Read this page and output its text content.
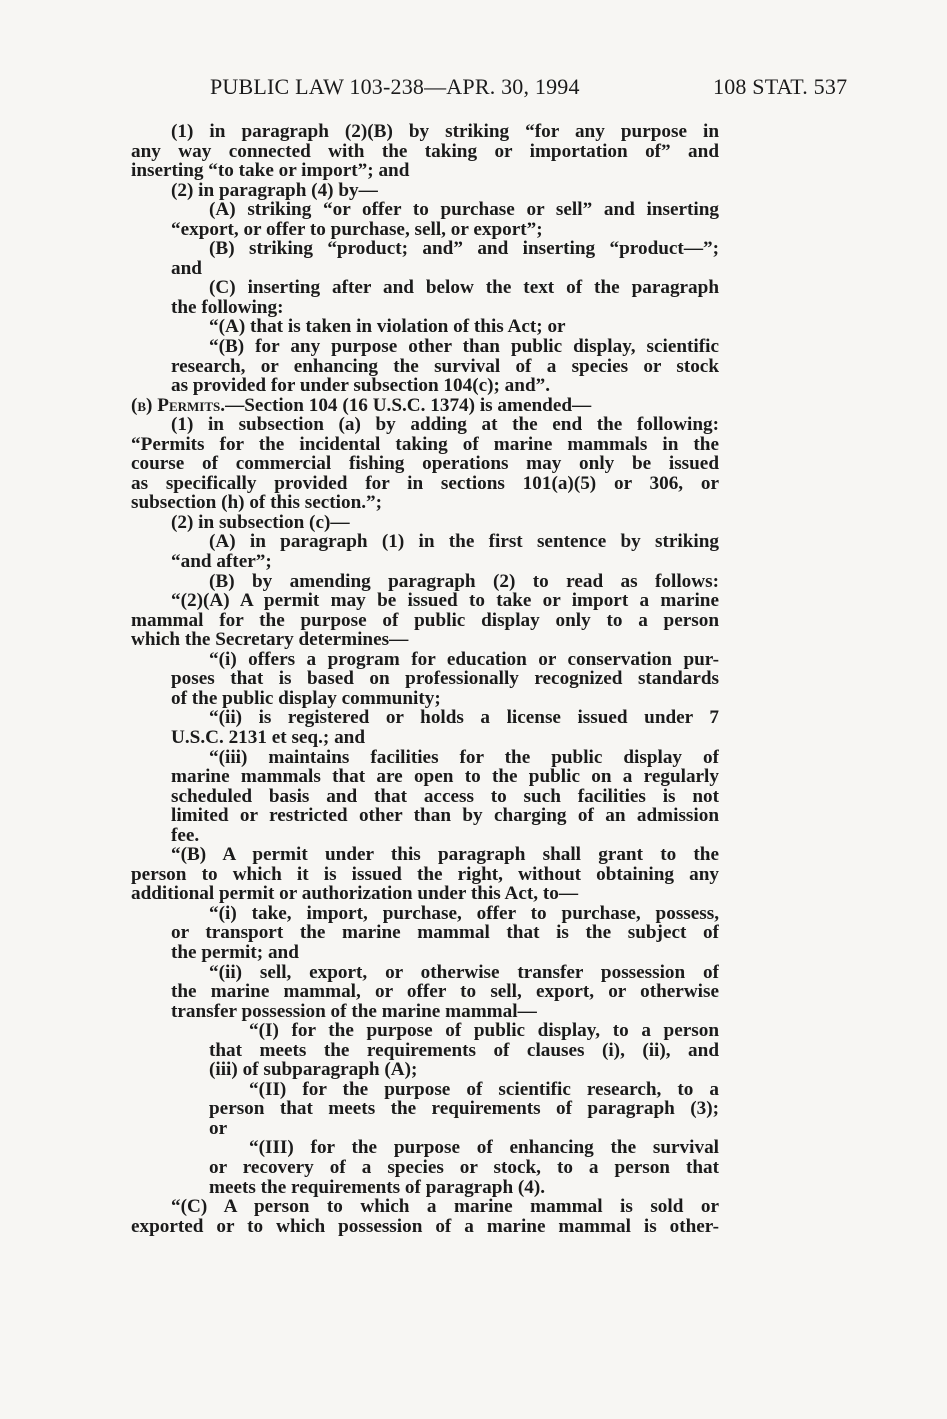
PUBLIC LAW 103-238—APR. 30, 1994	108 STAT. 537
(1) in paragraph (2)(B) by striking “for any purpose in
any way connected with the taking or importation of” and
inserting “to take or import”; and
(2) in paragraph (4) by—
(A) striking “or offer to purchase or sell” and inserting
“export, or offer to purchase, sell, or export”;
(B) striking “product; and” and inserting “product—”;
and
(C) inserting after and below the text of the paragraph
the following:
“(A) that is taken in violation of this Act; or
“(B) for any purpose other than public display, scientific
research, or enhancing the survival of a species or stock
as provided for under subsection 104(c); and”.
(b) Permits.—Section 104 (16 U.S.C. 1374) is amended—
(1) in subsection (a) by adding at the end the following:
“Permits for the incidental taking of marine mammals in the
course of commercial fishing operations may only be issued
as specifically provided for in sections 101(a)(5) or 306, or
subsection (h) of this section.”;
(2) in subsection (c)—
(A) in paragraph (1) in the first sentence by striking
“and after”;
(B) by amending paragraph (2) to read as follows:
“(2)(A) A permit may be issued to take or import a marine
mammal for the purpose of public display only to a person
which the Secretary determines—
“(i) offers a program for education or conservation pur-
poses that is based on professionally recognized standards
of the public display community;
“(ii) is registered or holds a license issued under 7
U.S.C. 2131 et seq.; and
“(iii) maintains facilities for the public display of
marine mammals that are open to the public on a regularly
scheduled basis and that access to such facilities is not
limited or restricted other than by charging of an admission
fee.
“(B) A permit under this paragraph shall grant to the
person to which it is issued the right, without obtaining any
additional permit or authorization under this Act, to—
“(i) take, import, purchase, offer to purchase, possess,
or transport the marine mammal that is the subject of
the permit; and
“(ii) sell, export, or otherwise transfer possession of
the marine mammal, or offer to sell, export, or otherwise
transfer possession of the marine mammal—
“(I) for the purpose of public display, to a person
that meets the requirements of clauses (i), (ii), and
(iii) of subparagraph (A);
“(II) for the purpose of scientific research, to a
person that meets the requirements of paragraph (3);
or
“(III) for the purpose of enhancing the survival
or recovery of a species or stock, to a person that
meets the requirements of paragraph (4).
“(C) A person to which a marine mammal is sold or
exported or to which possession of a marine mammal is other-
